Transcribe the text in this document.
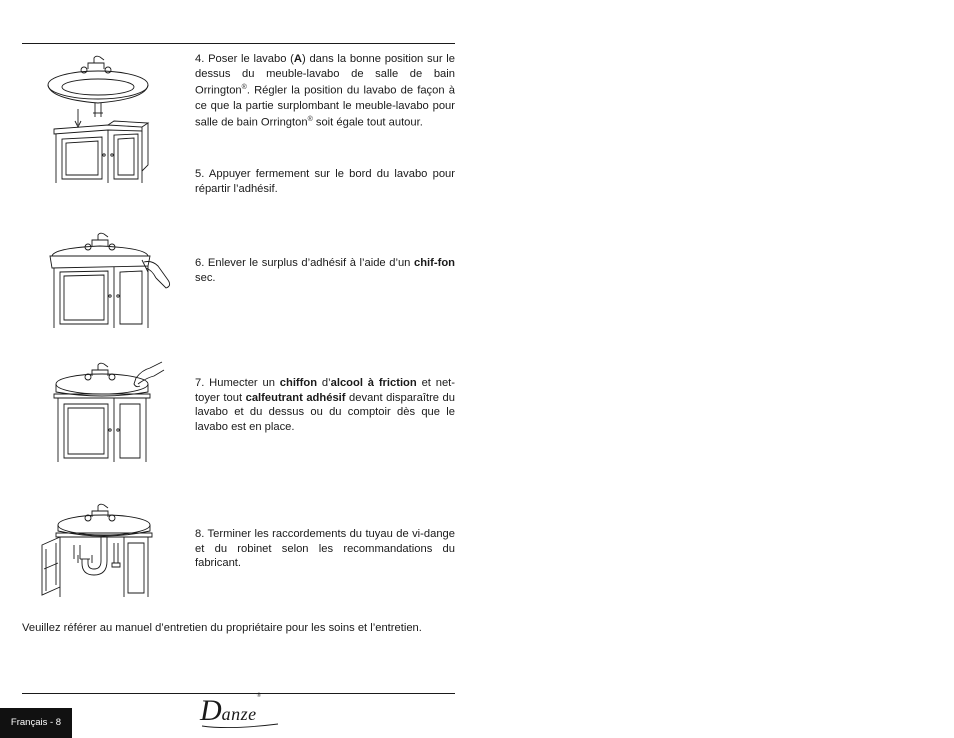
4. Poser le lavabo (A) dans la bonne position sur le dessus du meuble-lavabo de salle de bain Orrington®. Régler la position du lavabo de façon à ce que la partie surplombant le meuble-lavabo pour salle de bain Orrington® soit égale tout autour.

5. Appuyer fermement sur le bord du lavabo pour répartir l’adhésif.

6. Enlever le surplus d’adhésif à l’aide d’un chif-fon sec.

7. Humecter un chiffon d’alcool à friction et net-toyer tout calfeutrant adhésif devant disparaître du lavabo et du dessus ou du comptoir dès que le lavabo est en place.

8. Terminer les raccordements du tuyau de vi-dange et du robinet selon les recommandations du fabricant.

Veuillez référer au manuel d’entretien du propriétaire pour les soins et l’entretien.

Français - 8	Danze®
